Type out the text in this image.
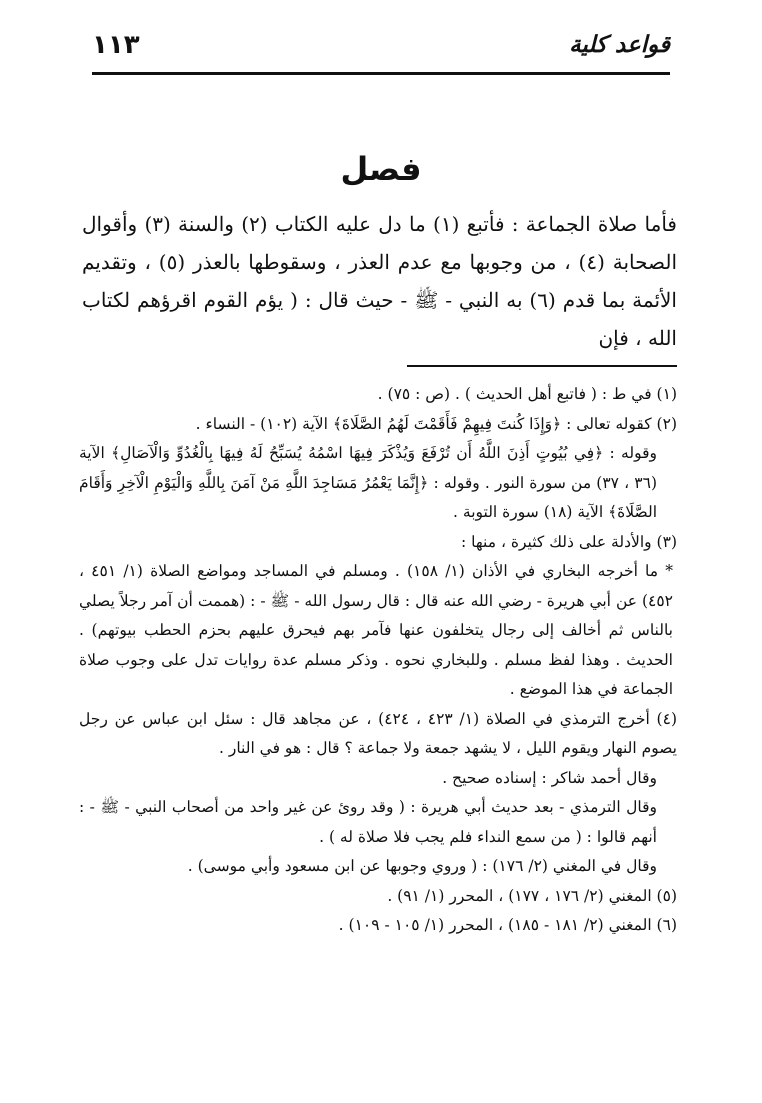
قواعد كلية
١١٣
فصل

فأما صلاة الجماعة : فأتبع (١) ما دل عليه الكتاب (٢) والسنة (٣) وأقوال الصحابة (٤) ، من وجوبها مع عدم العذر ، وسقوطها بالعذر (٥) ، وتقديم الأئمة بما قدم (٦) به النبي - ﷺ - حيث قال : ( يؤم القوم اقرؤهم لكتاب الله ، فإن

(١) في ط : ( فاتبع أهل الحديث ) . (ص : ٧٥) .

(٢) كقوله تعالى : ﴿وَإِذَا كُنتَ فِيهِمْ فَأَقَمْتَ لَهُمُ الصَّلَاةَ﴾ الآية (١٠٢) - النساء .

وقوله : ﴿فِي بُيُوتٍ أَذِنَ اللَّهُ أَن تُرْفَعَ وَيُذْكَرَ فِيهَا اسْمُهُ يُسَبِّحُ لَهُ فِيهَا بِالْغُدُوِّ وَالْآصَالِ﴾ الآية (٣٦ ، ٣٧) من سورة النور . وقوله : ﴿إِنَّمَا يَعْمُرُ مَسَاجِدَ اللَّهِ مَنْ آمَنَ بِاللَّهِ وَالْيَوْمِ الْآخِرِ وَأَقَامَ الصَّلَاةَ﴾ الآية (١٨) سورة التوبة .

(٣) والأدلة على ذلك كثيرة ، منها :

* ما أخرجه البخاري في الأذان (١/ ١٥٨) . ومسلم في المساجد ومواضع الصلاة (١/ ٤٥١ ، ٤٥٢) عن أبي هريرة - رضي الله عنه قال : قال رسول الله - ﷺ - : (هممت أن آمر رجلاً يصلي بالناس ثم أخالف إلى رجال يتخلفون عنها فآمر بهم فيحرق عليهم بحزم الحطب بيوتهم) . الحديث . وهذا لفظ مسلم . وللبخاري نحوه . وذكر مسلم عدة روايات تدل على وجوب صلاة الجماعة في هذا الموضع .

(٤) أخرج الترمذي في الصلاة (١/ ٤٢٣ ، ٤٢٤) ، عن مجاهد قال : سئل ابن عباس عن رجل يصوم النهار ويقوم الليل ، لا يشهد جمعة ولا جماعة ؟ قال : هو في النار .

وقال أحمد شاكر : إسناده صحيح .

وقال الترمذي - بعد حديث أبي هريرة : ( وقد روئ عن غير واحد من أصحاب النبي - ﷺ - : أنهم قالوا : ( من سمع النداء فلم يجب فلا صلاة له ) .

وقال في المغني (٢/ ١٧٦) : ( وروي وجوبها عن ابن مسعود وأبي موسى) .

(٥) المغني (٢/ ١٧٦ ، ١٧٧) ، المحرر (١/ ٩١) .

(٦) المغني (٢/ ١٨١ - ١٨٥) ، المحرر (١/ ١٠٥ - ١٠٩) .
